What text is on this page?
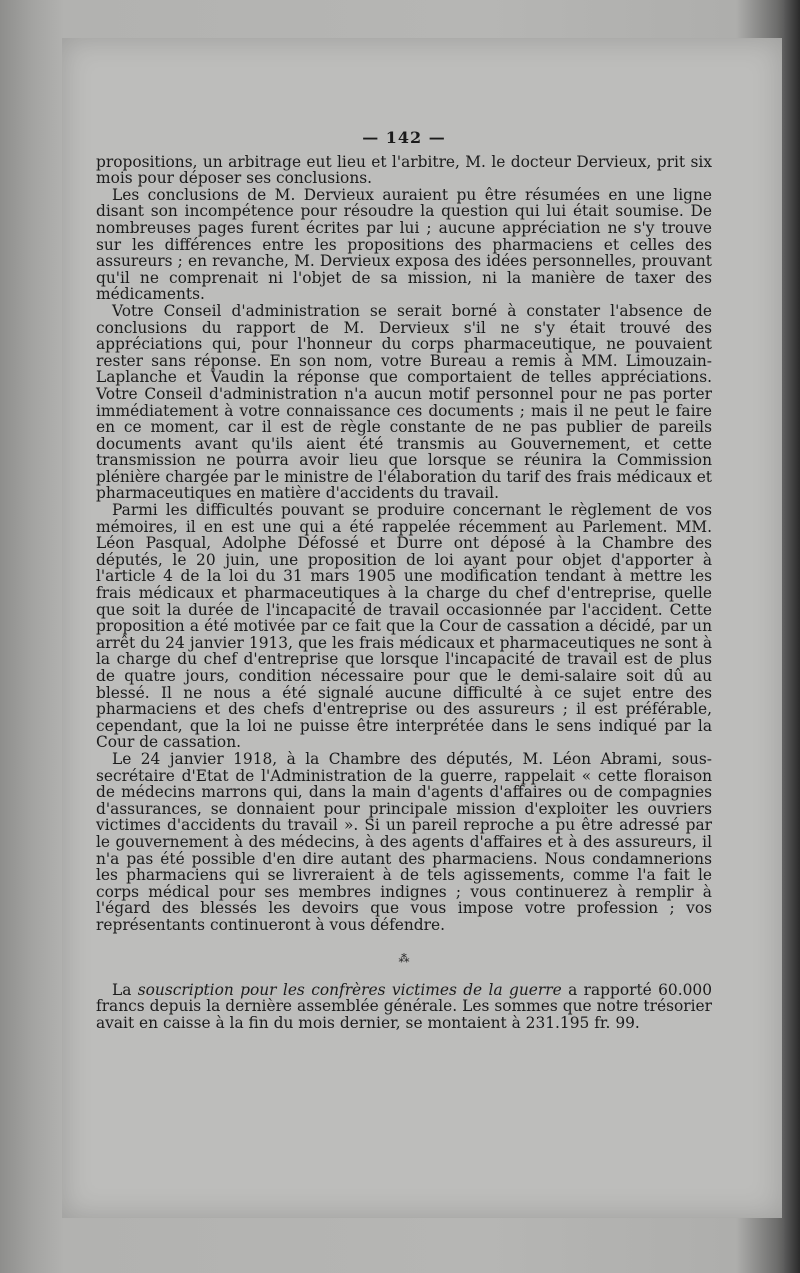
— 142 —

propositions, un arbitrage eut lieu et l'arbitre, M. le docteur Dervieux, prit six mois pour déposer ses conclusions.

Les conclusions de M. Dervieux auraient pu être résumées en une ligne disant son incompétence pour résoudre la question qui lui était soumise. De nombreuses pages furent écrites par lui ; aucune appréciation ne s'y trouve sur les différences entre les propositions des pharmaciens et celles des assureurs ; en revanche, M. Dervieux exposa des idées personnelles, prouvant qu'il ne comprenait ni l'objet de sa mission, ni la manière de taxer des médicaments.

Votre Conseil d'administration se serait borné à constater l'absence de conclusions du rapport de M. Dervieux s'il ne s'y était trouvé des appréciations qui, pour l'honneur du corps pharmaceutique, ne pouvaient rester sans réponse. En son nom, votre Bureau a remis à MM. Limouzain-Laplanche et Vaudin la réponse que comportaient de telles appréciations. Votre Conseil d'administration n'a aucun motif personnel pour ne pas porter immédiatement à votre connaissance ces documents ; mais il ne peut le faire en ce moment, car il est de règle constante de ne pas publier de pareils documents avant qu'ils aient été transmis au Gouvernement, et cette transmission ne pourra avoir lieu que lorsque se réunira la Commission plénière chargée par le ministre de l'élaboration du tarif des frais médicaux et pharmaceutiques en matière d'accidents du travail.

Parmi les difficultés pouvant se produire concernant le règlement de vos mémoires, il en est une qui a été rappelée récemment au Parlement. MM. Léon Pasqual, Adolphe Défossé et Durre ont déposé à la Chambre des députés, le 20 juin, une proposition de loi ayant pour objet d'apporter à l'article 4 de la loi du 31 mars 1905 une modification tendant à mettre les frais médicaux et pharmaceutiques à la charge du chef d'entreprise, quelle que soit la durée de l'incapacité de travail occasionnée par l'accident. Cette proposition a été motivée par ce fait que la Cour de cassation a décidé, par un arrêt du 24 janvier 1913, que les frais médicaux et pharmaceutiques ne sont à la charge du chef d'entreprise que lorsque l'incapacité de travail est de plus de quatre jours, condition nécessaire pour que le demi-salaire soit dû au blessé. Il ne nous a été signalé aucune difficulté à ce sujet entre des pharmaciens et des chefs d'entreprise ou des assureurs ; il est préférable, cependant, que la loi ne puisse être interprétée dans le sens indiqué par la Cour de cassation.

Le 24 janvier 1918, à la Chambre des députés, M. Léon Abrami, sous-secrétaire d'Etat de l'Administration de la guerre, rappelait « cette floraison de médecins marrons qui, dans la main d'agents d'affaires ou de compagnies d'assurances, se donnaient pour principale mission d'exploiter les ouvriers victimes d'accidents du travail ». Si un pareil reproche a pu être adressé par le gouvernement à des médecins, à des agents d'affaires et à des assureurs, il n'a pas été possible d'en dire autant des pharmaciens. Nous condamnerions les pharmaciens qui se livreraient à de tels agissements, comme l'a fait le corps médical pour ses membres indignes ; vous continuerez à remplir à l'égard des blessés les devoirs que vous impose votre profession ; vos représentants continueront à vous défendre.

⁂

La souscription pour les confrères victimes de la guerre a rapporté 60.000 francs depuis la dernière assemblée générale. Les sommes que notre trésorier avait en caisse à la fin du mois dernier, se montaient à 231.195 fr. 99.
